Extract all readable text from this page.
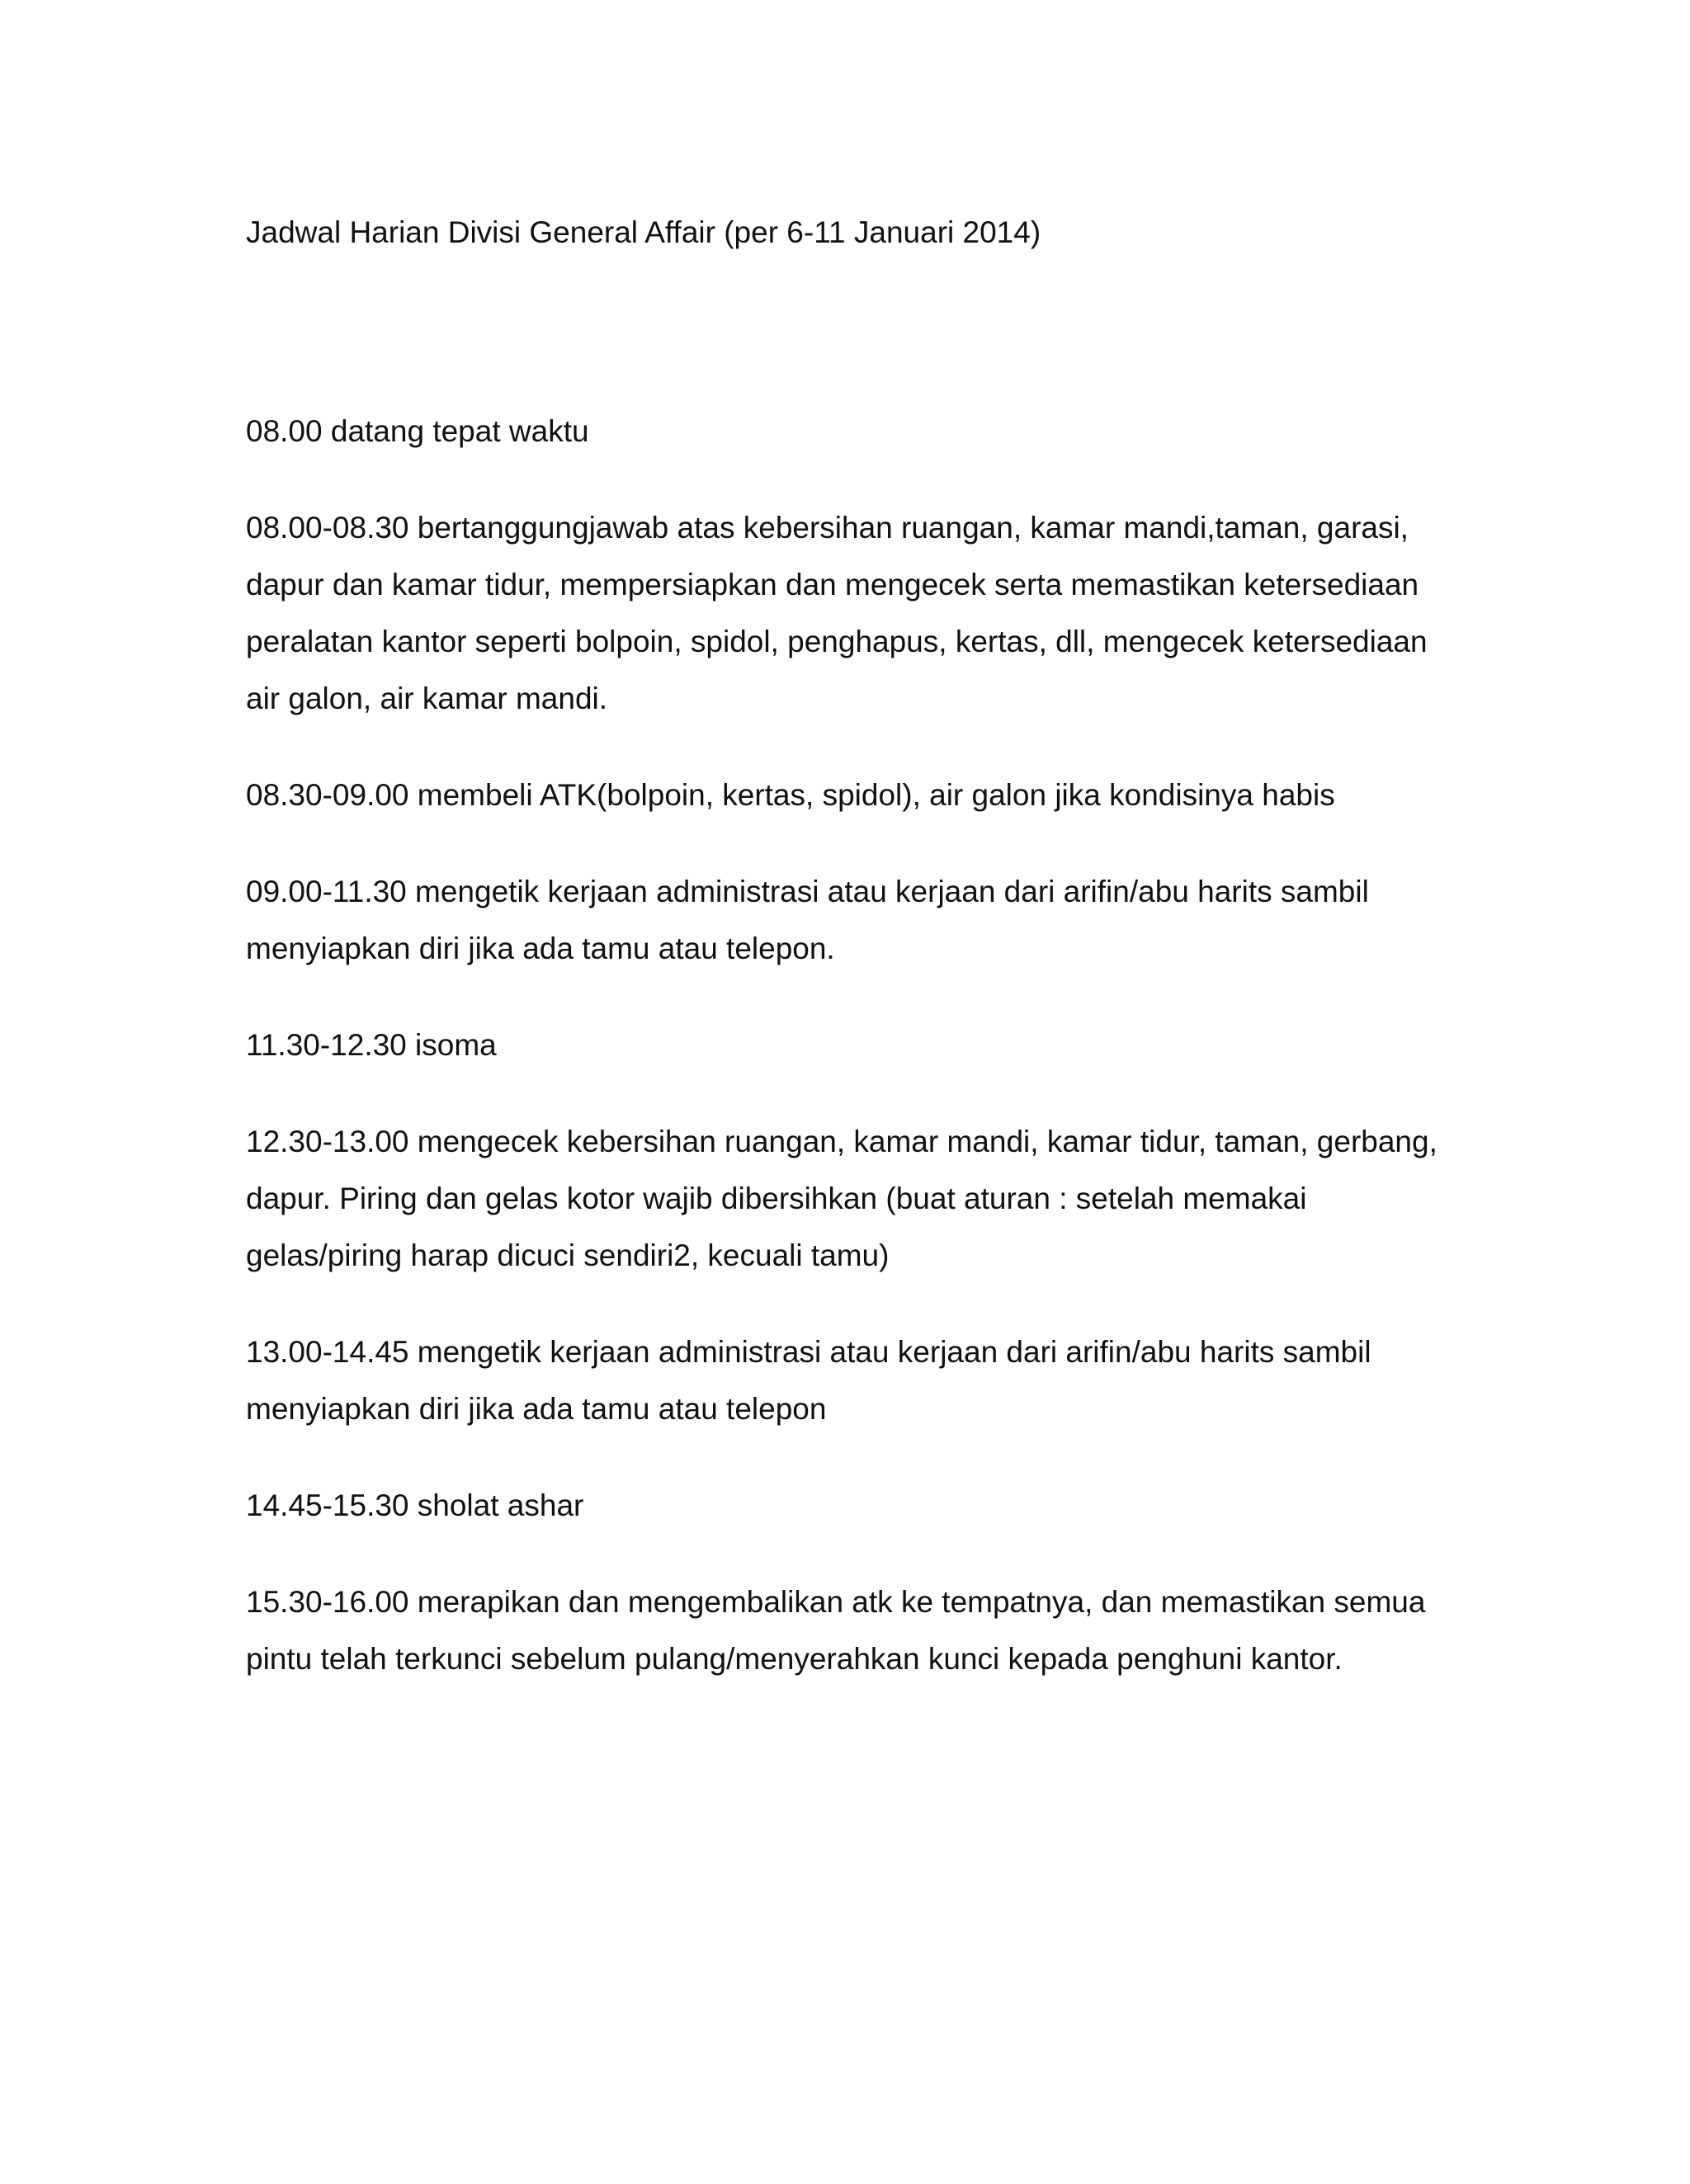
Jadwal Harian Divisi General Affair (per 6-11 Januari 2014)
08.00 datang tepat waktu
08.00-08.30 bertanggungjawab atas kebersihan ruangan, kamar mandi,taman, garasi, dapur dan kamar tidur, mempersiapkan dan mengecek serta memastikan ketersediaan peralatan kantor seperti bolpoin, spidol, penghapus, kertas, dll, mengecek ketersediaan air galon, air kamar mandi.
08.30-09.00 membeli ATK(bolpoin, kertas, spidol), air galon jika kondisinya habis
09.00-11.30 mengetik kerjaan administrasi atau kerjaan dari arifin/abu harits sambil menyiapkan diri jika ada tamu atau telepon.
11.30-12.30 isoma
12.30-13.00 mengecek kebersihan ruangan, kamar mandi, kamar tidur, taman, gerbang, dapur. Piring dan gelas kotor wajib dibersihkan (buat aturan : setelah memakai gelas/piring harap dicuci sendiri2, kecuali tamu)
13.00-14.45 mengetik kerjaan administrasi atau kerjaan dari arifin/abu harits sambil menyiapkan diri jika ada tamu atau telepon
14.45-15.30 sholat ashar
15.30-16.00 merapikan dan mengembalikan atk ke tempatnya, dan memastikan semua pintu telah terkunci sebelum pulang/menyerahkan kunci kepada penghuni kantor.
